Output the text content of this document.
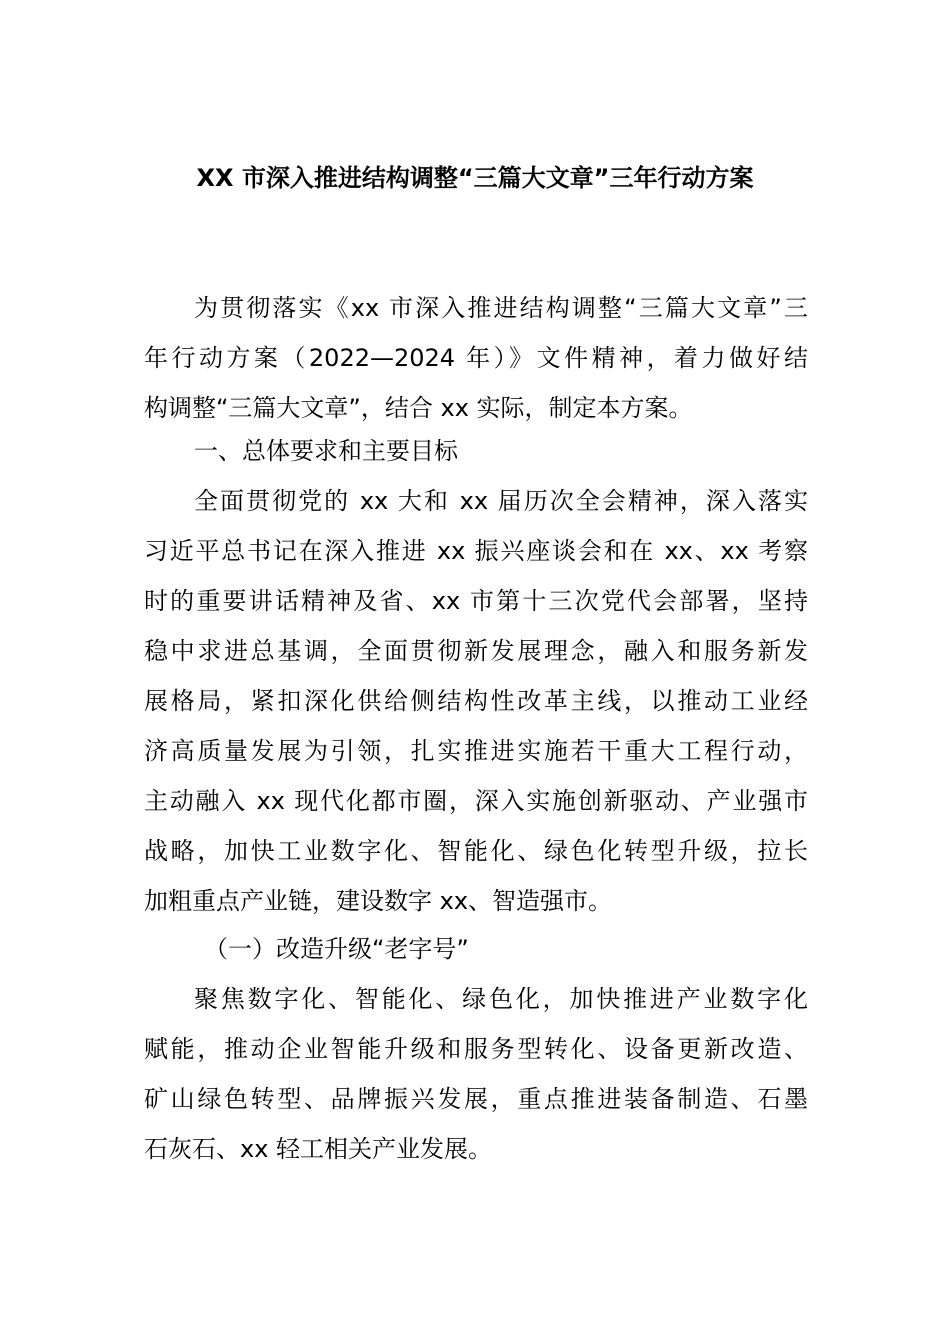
XX 市深入推进结构调整“三篇大文章”三年行动方案
为贯彻落实《xx 市深入推进结构调整“三篇大文章”三
年行动方案（2022—2024 年）》文件精神，着力做好结
构调整“三篇大文章”，结合 xx 实际，制定本方案。
一、总体要求和主要目标
全面贯彻党的 xx 大和 xx 届历次全会精神，深入落实
习近平总书记在深入推进 xx 振兴座谈会和在 xx、xx 考察
时的重要讲话精神及省、xx 市第十三次党代会部署，坚持
稳中求进总基调，全面贯彻新发展理念，融入和服务新发
展格局，紧扣深化供给侧结构性改革主线，以推动工业经
济高质量发展为引领，扎实推进实施若干重大工程行动，
主动融入 xx 现代化都市圈，深入实施创新驱动、产业强市
战略，加快工业数字化、智能化、绿色化转型升级，拉长
加粗重点产业链，建设数字 xx、智造强市。
（一）改造升级“老字号”
聚焦数字化、智能化、绿色化，加快推进产业数字化
赋能，推动企业智能升级和服务型转化、设备更新改造、
矿山绿色转型、品牌振兴发展，重点推进装备制造、石墨
石灰石、xx 轻工相关产业发展。
